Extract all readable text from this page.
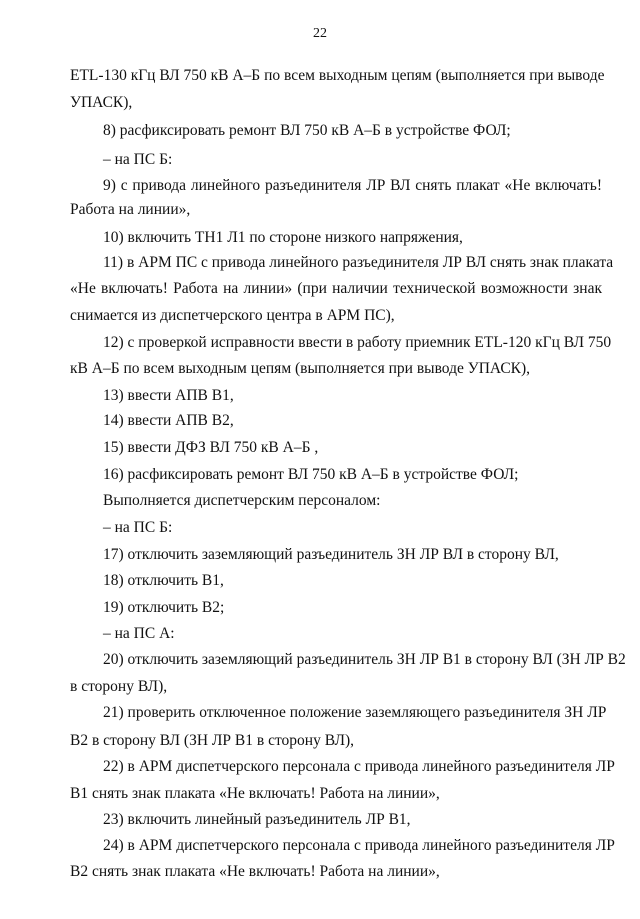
22
ETL-130 кГц ВЛ 750 кВ А–Б по всем выходным цепям (выполняется при выводе
УПАСК),
8) расфиксировать ремонт ВЛ 750 кВ А–Б в устройстве ФОЛ;
– на ПС Б:
9) с привода линейного разъединителя ЛР ВЛ снять плакат «Не включать!
Работа на линии»,
10) включить ТН1 Л1 по стороне низкого напряжения,
11) в АРМ ПС с привода линейного разъединителя ЛР ВЛ снять знак плаката
«Не включать! Работа на линии» (при наличии технической возможности знак
снимается из диспетчерского центра в АРМ ПС),
12) с проверкой исправности ввести в работу приемник ETL-120 кГц ВЛ 750
кВ А–Б по всем выходным цепям (выполняется при выводе УПАСК),
13) ввести АПВ В1,
14) ввести АПВ В2,
15) ввести ДФЗ ВЛ 750 кВ А–Б ,
16) расфиксировать ремонт ВЛ 750 кВ А–Б в устройстве ФОЛ;
Выполняется диспетчерским персоналом:
– на ПС Б:
17) отключить заземляющий разъединитель ЗН ЛР ВЛ в сторону ВЛ,
18) отключить В1,
19) отключить В2;
– на ПС А:
20) отключить заземляющий разъединитель ЗН ЛР В1 в сторону ВЛ (ЗН ЛР В2
в сторону ВЛ),
21) проверить отключенное положение заземляющего разъединителя ЗН ЛР
В2 в сторону ВЛ (ЗН ЛР В1 в сторону ВЛ),
22) в АРМ диспетчерского персонала с привода линейного разъединителя ЛР
В1 снять знак плаката «Не включать! Работа на линии»,
23) включить линейный разъединитель ЛР В1,
24) в АРМ диспетчерского персонала с привода линейного разъединителя ЛР
В2 снять знак плаката «Не включать! Работа на линии»,
